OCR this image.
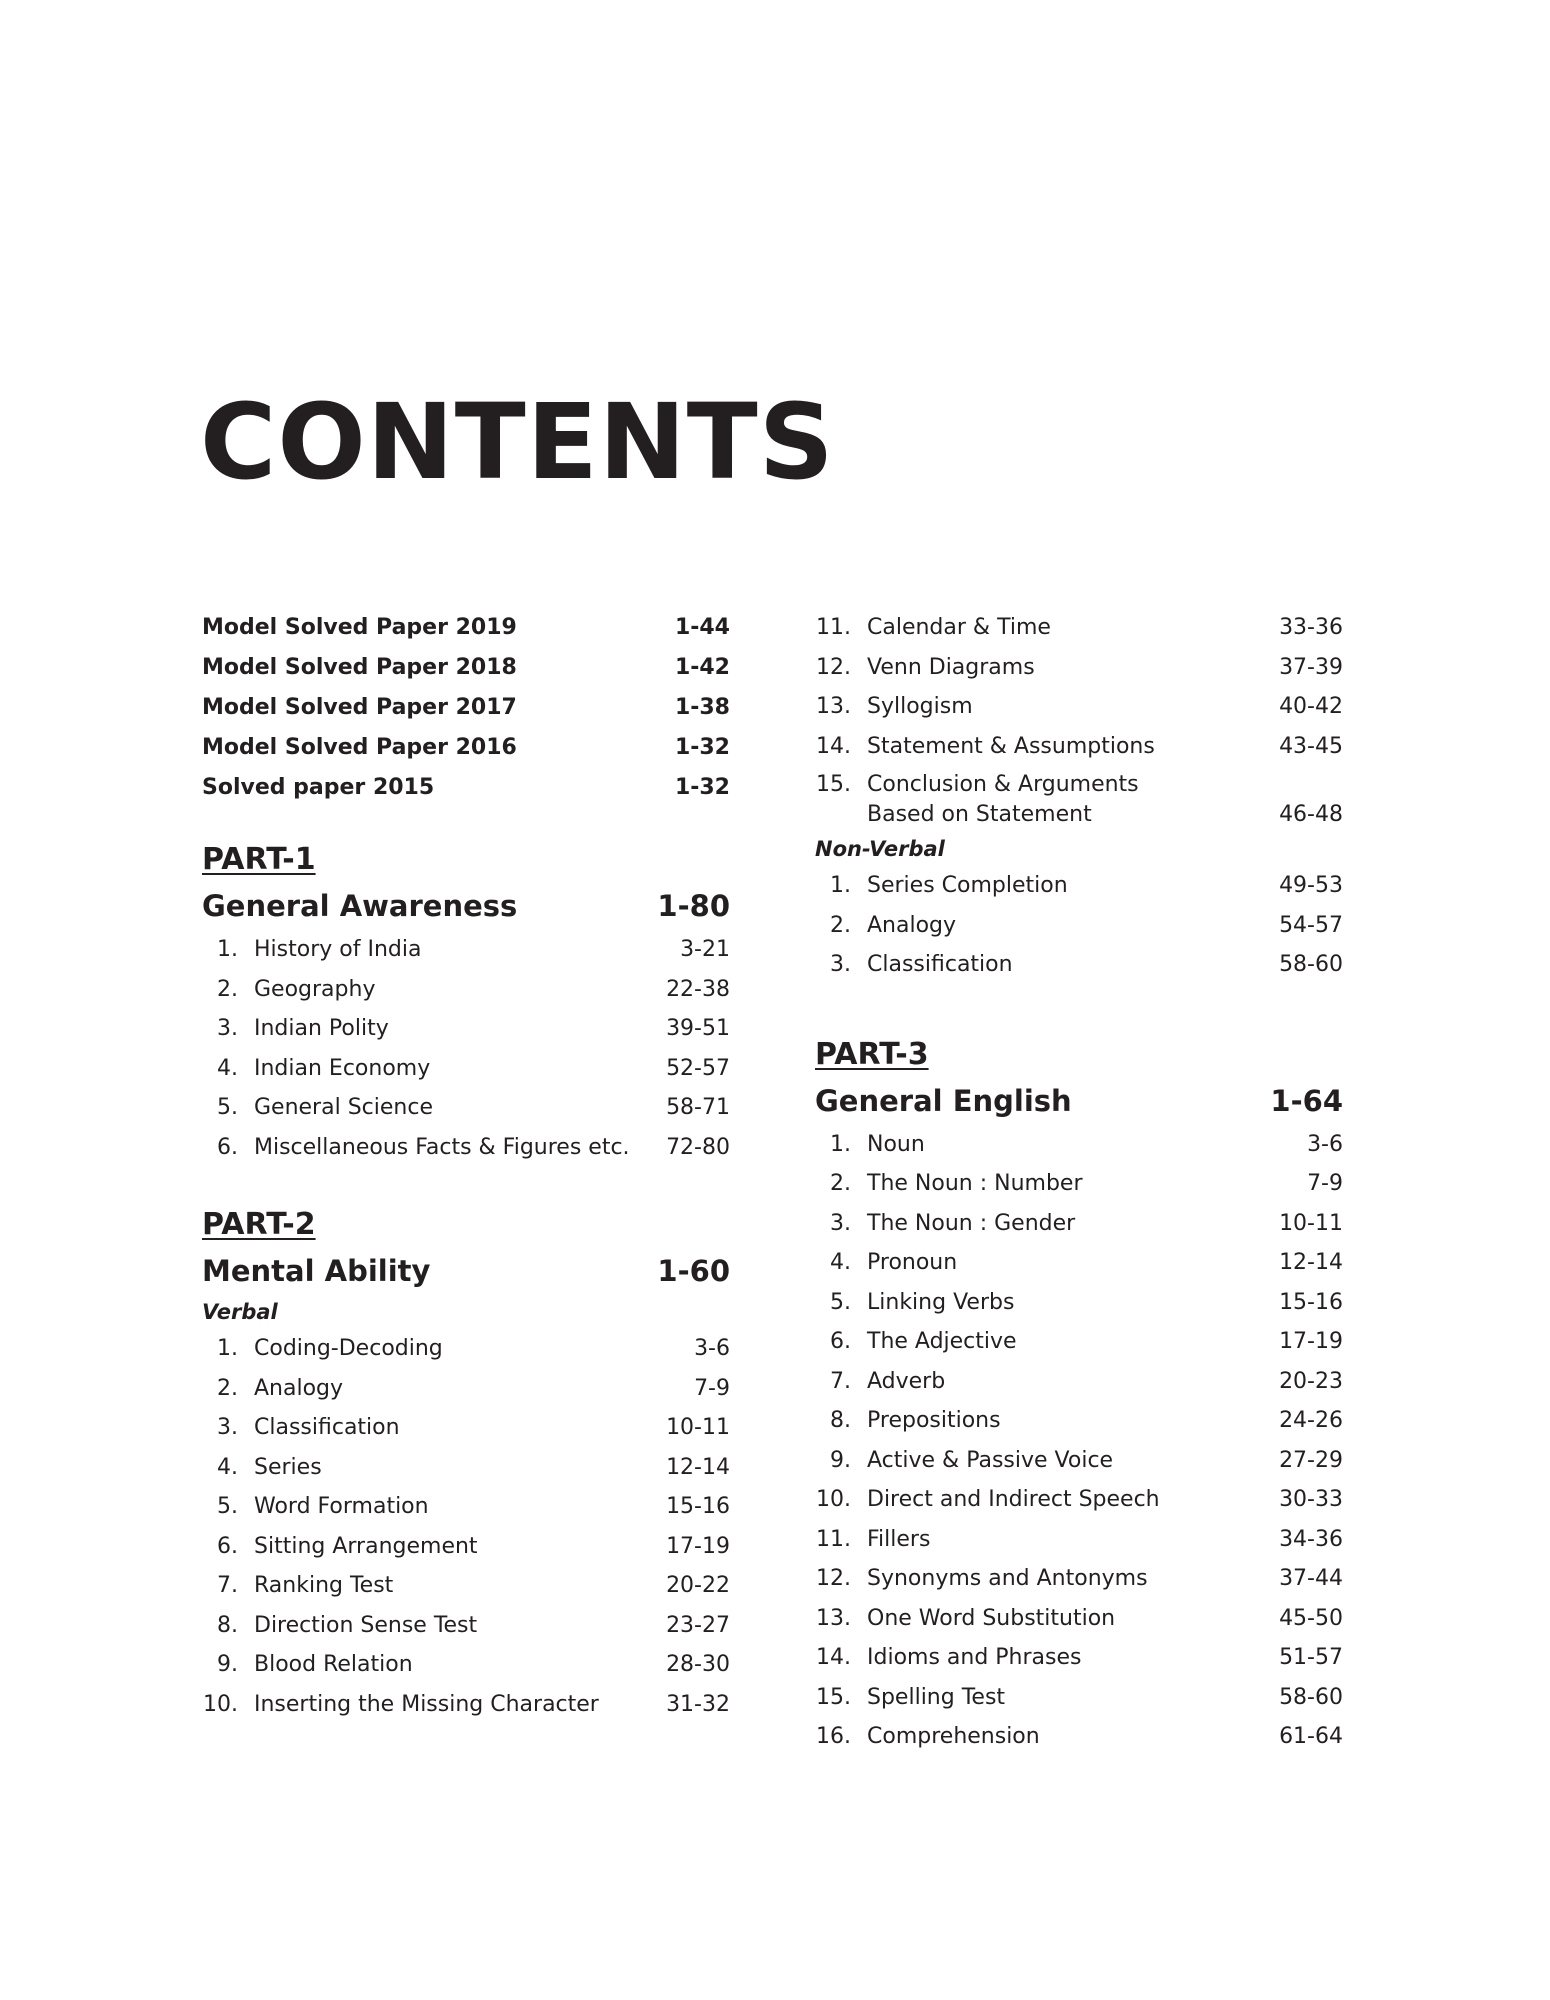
CONTENTS
Model Solved Paper 2019	1-44
Model Solved Paper 2018	1-42
Model Solved Paper 2017	1-38
Model Solved Paper 2016	1-32
Solved paper 2015	1-32
PART-1
General Awareness	1-80
1. History of India	3-21
2. Geography	22-38
3. Indian Polity	39-51
4. Indian Economy	52-57
5. General Science	58-71
6. Miscellaneous Facts & Figures etc. 72-80
PART-2
Mental Ability	1-60
Verbal
1. Coding-Decoding	3-6
2. Analogy	7-9
3. Classification	10-11
4. Series	12-14
5. Word Formation	15-16
6. Sitting Arrangement	17-19
7. Ranking Test	20-22
8. Direction Sense Test	23-27
9. Blood Relation	28-30
10. Inserting the Missing Character	31-32
11. Calendar & Time	33-36
12. Venn Diagrams	37-39
13. Syllogism	40-42
14. Statement & Assumptions	43-45
15. Conclusion & Arguments
Based on Statement	46-48
Non-Verbal
1. Series Completion	49-53
2. Analogy	54-57
3. Classification	58-60
PART-3
General English	1-64
1. Noun	3-6
2. The Noun : Number	7-9
3. The Noun : Gender	10-11
4. Pronoun	12-14
5. Linking Verbs	15-16
6. The Adjective	17-19
7. Adverb	20-23
8. Prepositions	24-26
9. Active & Passive Voice	27-29
10. Direct and Indirect Speech	30-33
11. Fillers	34-36
12. Synonyms and Antonyms	37-44
13. One Word Substitution	45-50
14. Idioms and Phrases	51-57
15. Spelling Test	58-60
16. Comprehension	61-64
